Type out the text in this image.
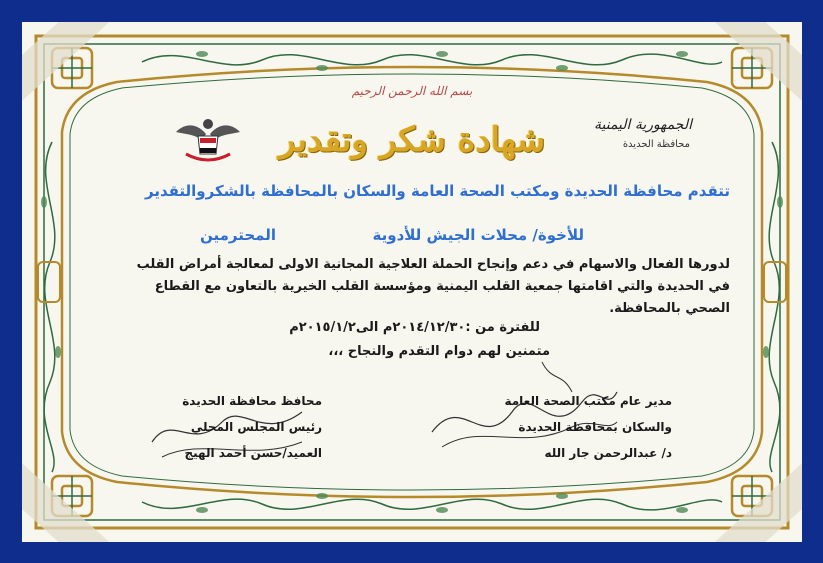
بسم الله الرحمن الرحيم
شهادة شكر وتقدير	الجمهورية اليمنية
محافظة الحديدة
تتقدم محافظة الحديدة ومكتب الصحة العامة والسكان بالمحافظة بالشكروالتقدير
للأخوة/ محلات الجيش للأدوية
المحترمين
لدورها الفعال والاسهام في دعم وإنجاح الحملة العلاجية المجانية الاولى لمعالجة أمراض القلب
في الحديدة والتي اقامتها جمعية القلب اليمنية ومؤسسة القلب الخيرية بالتعاون مع القطاع
الصحي بالمحافظة.
للفترة من :٢٠١٤/١٢/٣٠م الى٢٠١٥/١/٢م
متمنين لهم دوام التقدم والنجاح ،،،
محافظ محافظة الحديدة
رئيس المجلس المحلي
العميد/حسن أحمد الهيج
مدير عام مكتب الصحة العامة
والسكان بمحافظة الحديدة
د/ عبدالرحمن جار الله
